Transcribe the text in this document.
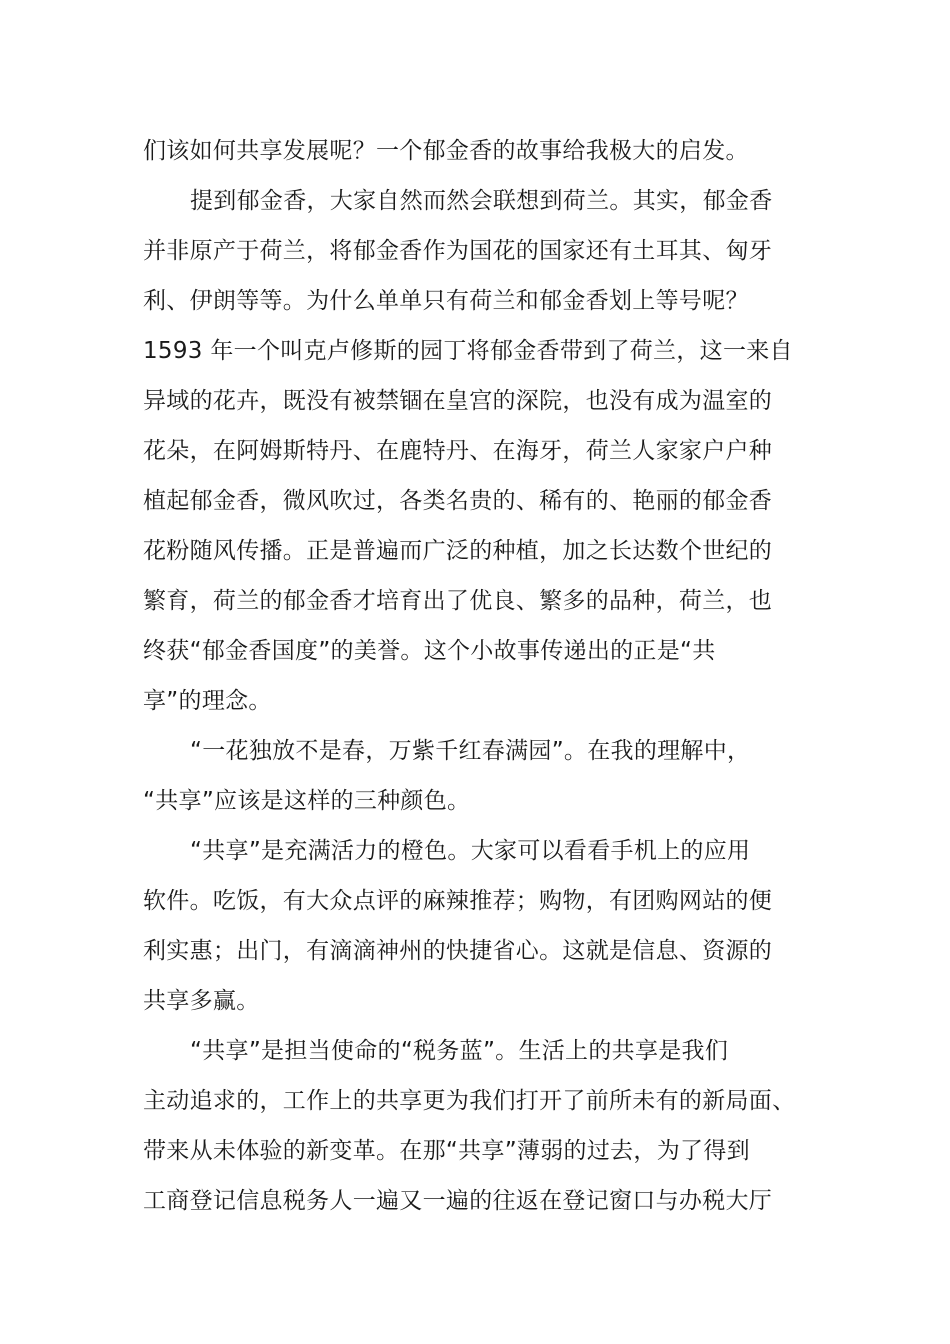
们该如何共享发展呢？一个郁金香的故事给我极大的启发。
提到郁金香，大家自然而然会联想到荷兰。其实，郁金香
并非原产于荷兰，将郁金香作为国花的国家还有土耳其、匈牙
利、伊朗等等。为什么单单只有荷兰和郁金香划上等号呢？
1593 年一个叫克卢修斯的园丁将郁金香带到了荷兰，这一来自
异域的花卉，既没有被禁锢在皇宫的深院，也没有成为温室的
花朵，在阿姆斯特丹、在鹿特丹、在海牙，荷兰人家家户户种
植起郁金香，微风吹过，各类名贵的、稀有的、艳丽的郁金香
花粉随风传播。正是普遍而广泛的种植，加之长达数个世纪的
繁育，荷兰的郁金香才培育出了优良、繁多的品种，荷兰，也
终获“郁金香国度”的美誉。这个小故事传递出的正是“共
享”的理念。
“一花独放不是春，万紫千红春满园”。在我的理解中，
“共享”应该是这样的三种颜色。
“共享”是充满活力的橙色。大家可以看看手机上的应用
软件。吃饭，有大众点评的麻辣推荐；购物，有团购网站的便
利实惠；出门，有滴滴神州的快捷省心。这就是信息、资源的
共享多赢。
“共享”是担当使命的“税务蓝”。生活上的共享是我们
主动追求的，工作上的共享更为我们打开了前所未有的新局面、
带来从未体验的新变革。在那“共享”薄弱的过去，为了得到
工商登记信息税务人一遍又一遍的往返在登记窗口与办税大厅
